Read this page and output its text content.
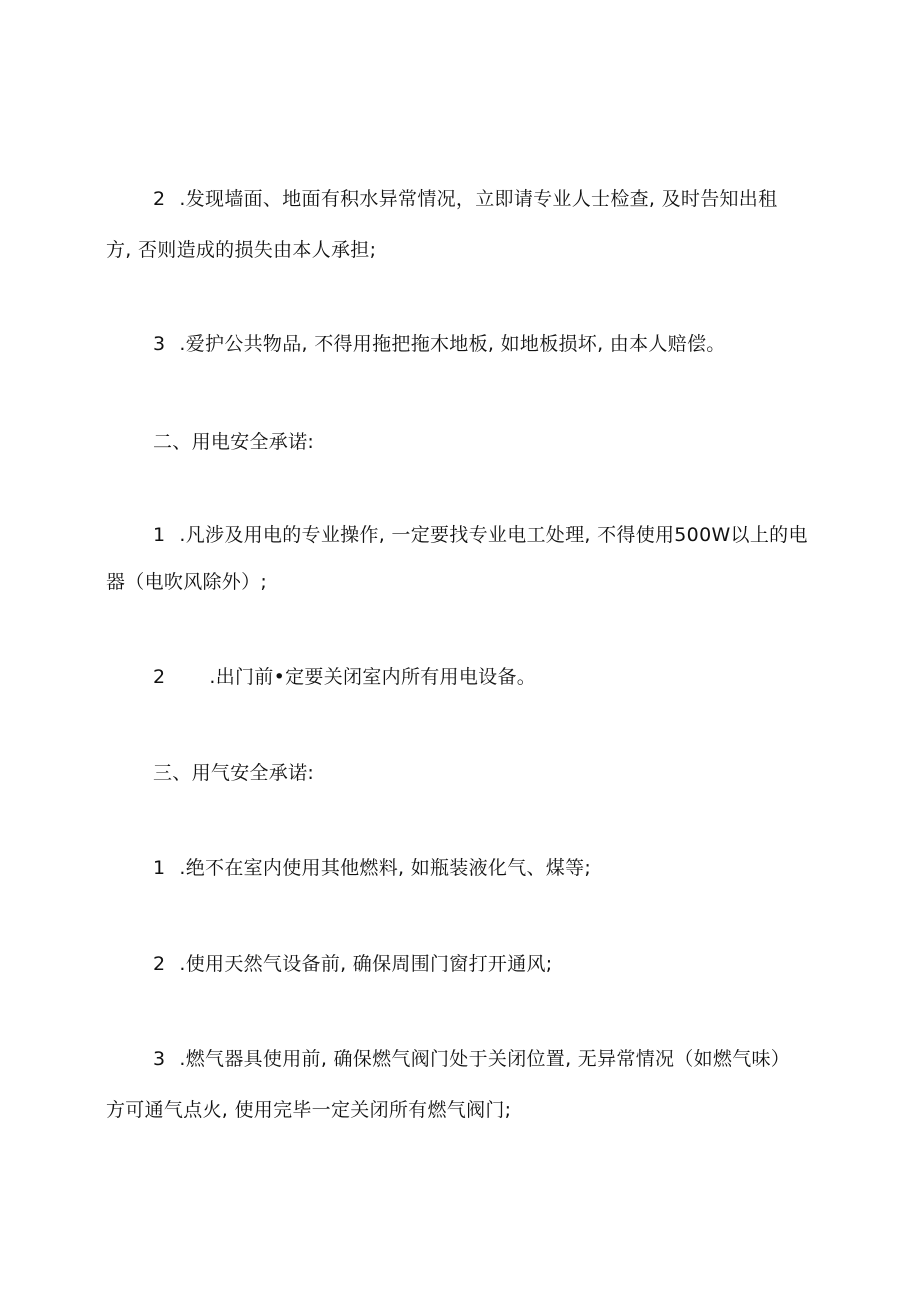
2 .发现墙面、地面有积水异常情况，立即请专业人士检查, 及时告知出租
方, 否则造成的损失由本人承担;
3 .爱护公共物品, 不得用拖把拖木地板, 如地板损坏, 由本人赔偿。
二、用电安全承诺:
1 .凡涉及用电的专业操作, 一定要找专业电工处理, 不得使用500W以上的电
器（电吹风除外）;
2 .出门前•定要关闭室内所有用电设备。
三、用气安全承诺:
1 .绝不在室内使用其他燃料, 如瓶装液化气、煤等;
2 .使用天然气设备前, 确保周围门窗打开通风;
3 .燃气器具使用前, 确保燃气阀门处于关闭位置, 无异常情况（如燃气味）
方可通气点火, 使用完毕一定关闭所有燃气阀门;
